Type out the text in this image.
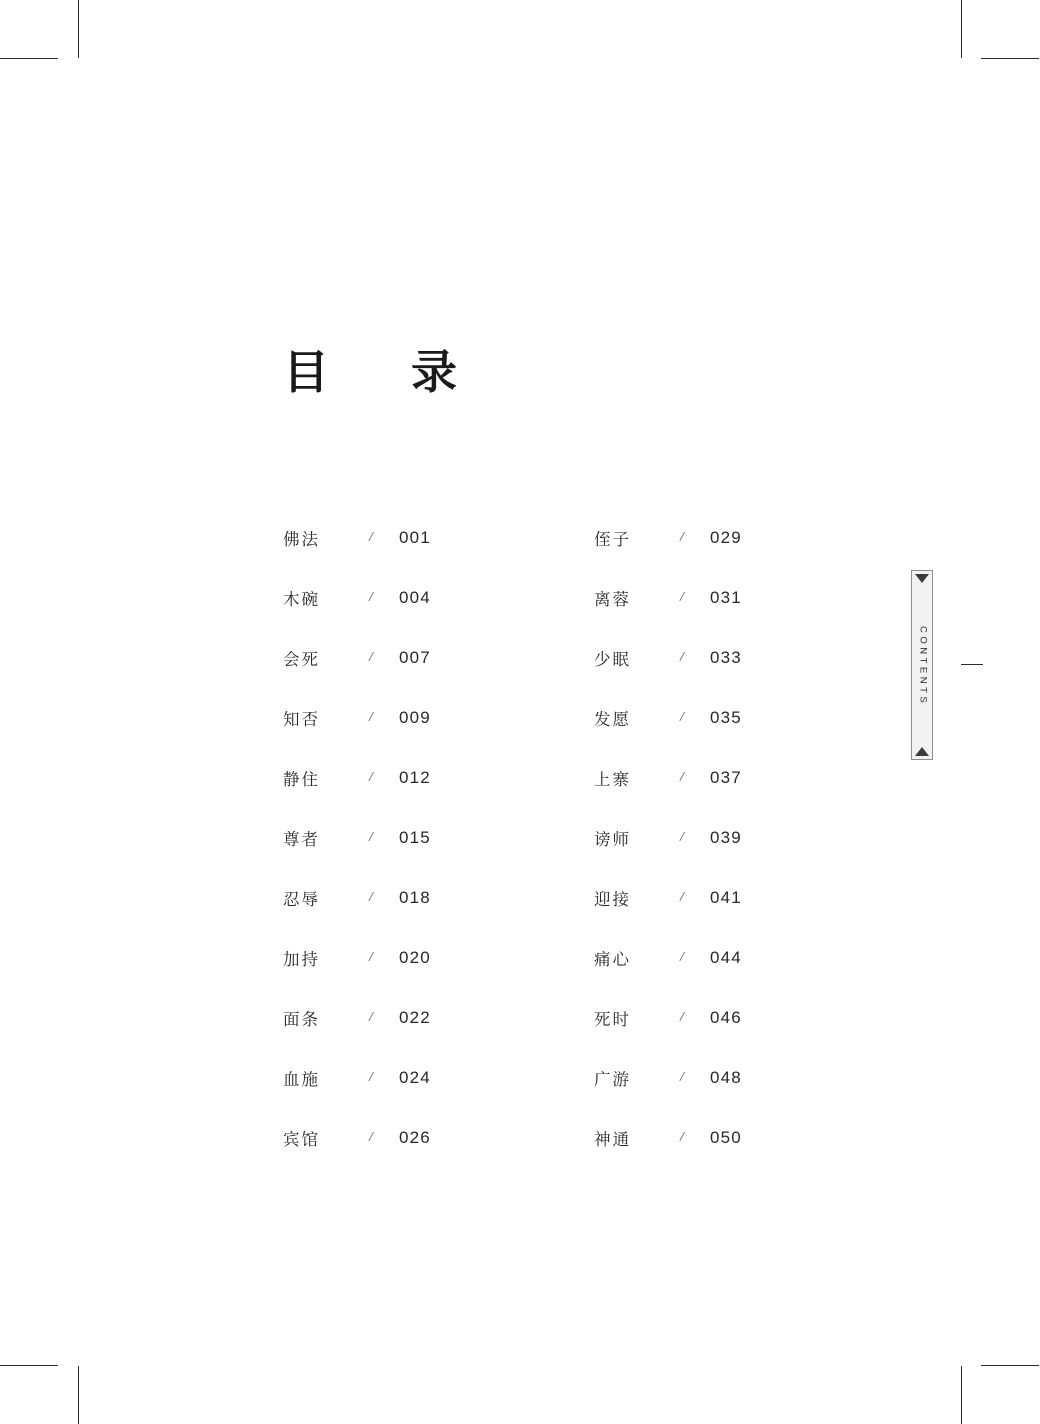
目　录
佛法	/	001
木碗	/	004
会死	/	007
知否	/	009
静住	/	012
尊者	/	015
忍辱	/	018
加持	/	020
面条	/	022
血施	/	024
宾馆	/	026
侄子	/	029
离蓉	/	031
少眠	/	033
发愿	/	035
上寨	/	037
谤师	/	039
迎接	/	041
痛心	/	044
死时	/	046
广游	/	048
神通	/	050
CONTENTS
